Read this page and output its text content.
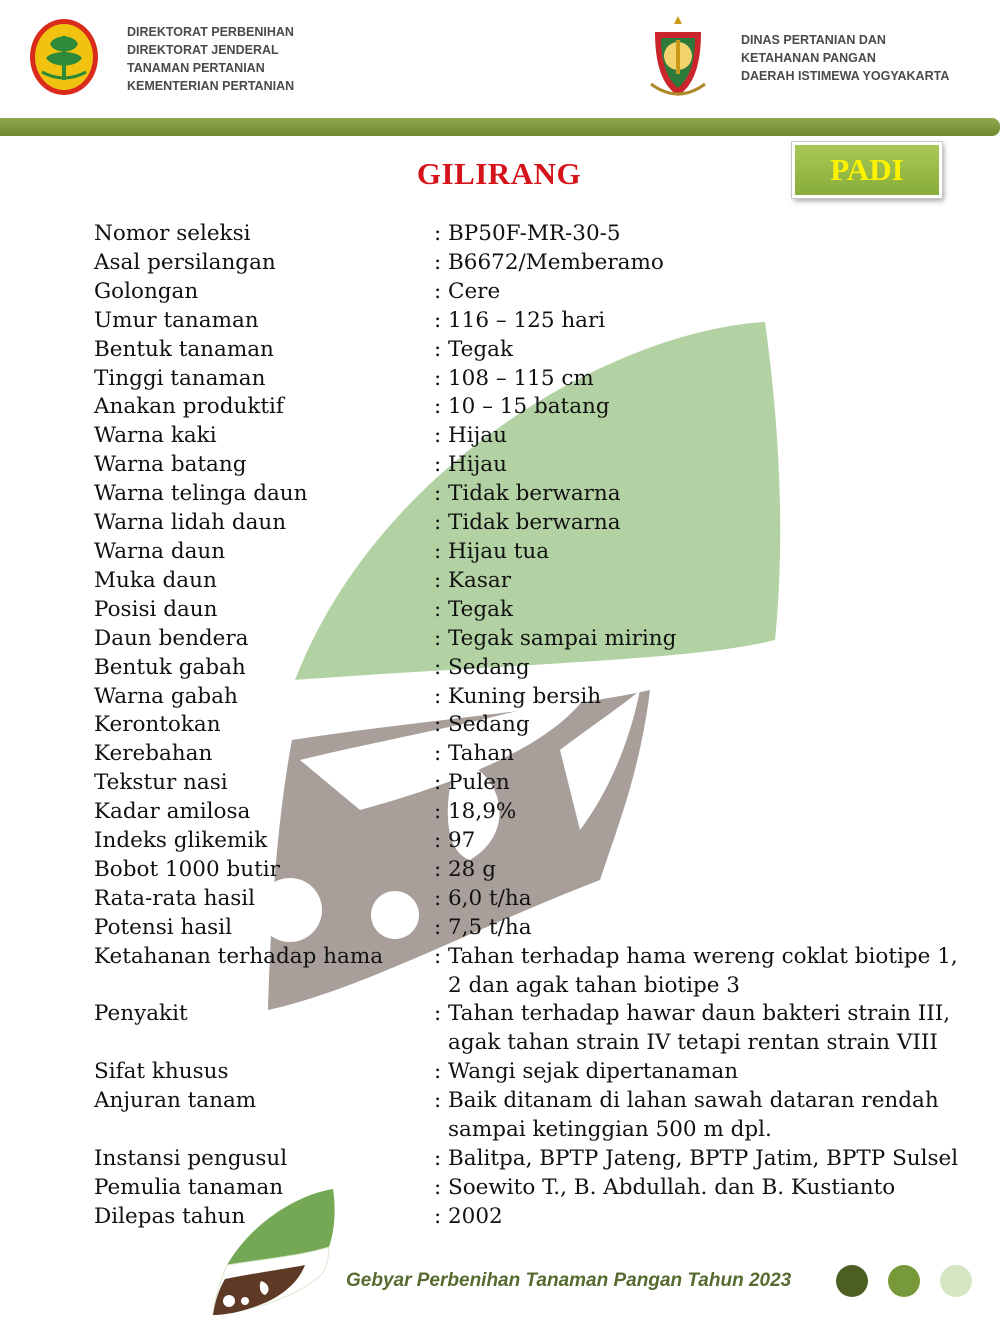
DIREKTORAT PERBENIHAN
DIREKTORAT JENDERAL
TANAMAN PERTANIAN
KEMENTERIAN PERTANIAN
DINAS PERTANIAN DAN
KETAHANAN PANGAN
DAERAH ISTIMEWA YOGYAKARTA
GILIRANG	PADI
Nomor seleksi	: BP50F-MR-30-5
Asal persilangan	: B6672/Memberamo
Golongan	: Cere
Umur tanaman	: 116 – 125 hari
Bentuk tanaman	: Tegak
Tinggi tanaman	: 108 – 115 cm
Anakan produktif	: 10 – 15 batang
Warna kaki	: Hijau
Warna batang	: Hijau
Warna telinga daun	: Tidak berwarna
Warna lidah daun	: Tidak berwarna
Warna daun	: Hijau tua
Muka daun	: Kasar
Posisi daun	: Tegak
Daun bendera	: Tegak sampai miring
Bentuk gabah	: Sedang
Warna gabah	: Kuning bersih
Kerontokan	: Sedang
Kerebahan	: Tahan
Tekstur nasi	: Pulen
Kadar amilosa	: 18,9%
Indeks glikemik	: 97
Bobot 1000 butir	: 28 g
Rata-rata hasil	: 6,0 t/ha
Potensi hasil	: 7,5 t/ha
Ketahanan terhadap hama	: Tahan terhadap hama wereng coklat biotipe 1,
2 dan agak tahan biotipe 3
Penyakit	: Tahan terhadap hawar daun bakteri strain III,
agak tahan strain IV tetapi rentan strain VIII
Sifat khusus	: Wangi sejak dipertanaman
Anjuran tanam	: Baik ditanam di lahan sawah dataran rendah
sampai ketinggian 500 m dpl.
Instansi pengusul	: Balitpa, BPTP Jateng, BPTP Jatim, BPTP Sulsel
Pemulia tanaman	: Soewito T., B. Abdullah. dan B. Kustianto
Dilepas tahun	: 2002
Gebyar Perbenihan Tanaman Pangan Tahun 2023
